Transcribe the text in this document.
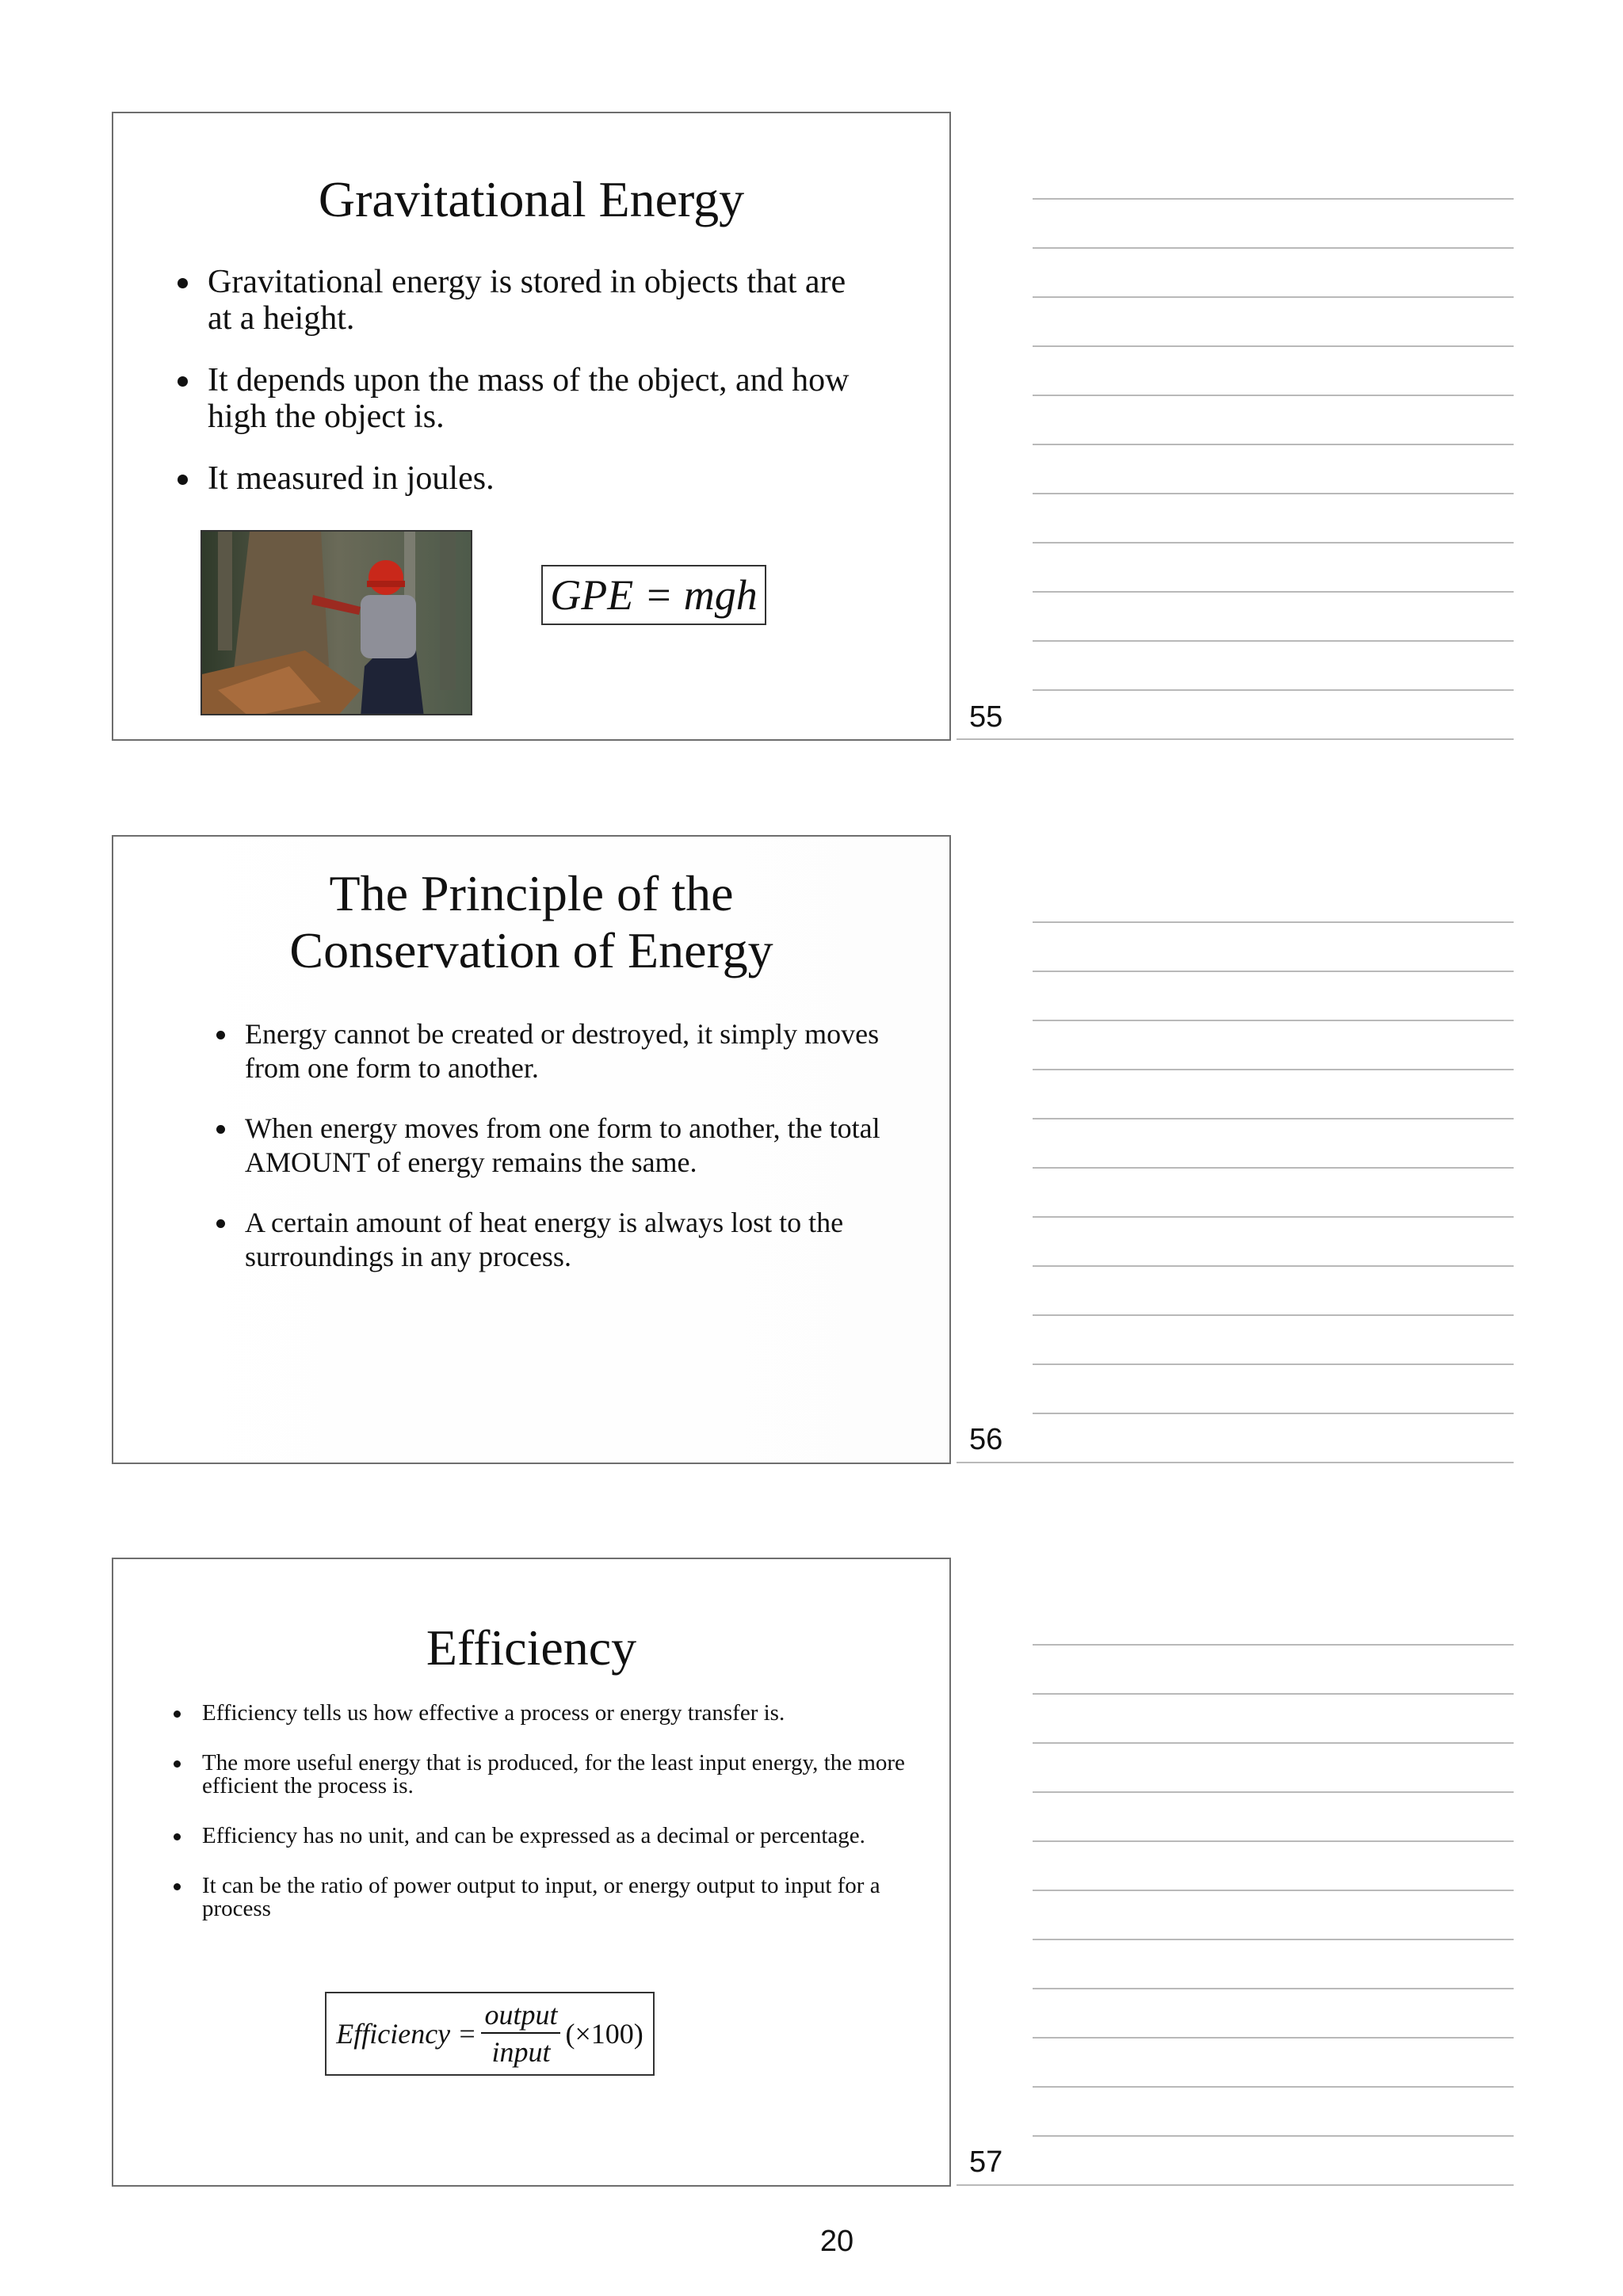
Gravitational Energy
Gravitational energy is stored in objects that are at a height.
It depends upon the mass of the object, and how high the object is.
It measured in joules.
GPE = mgh
55
The Principle of the
Conservation of Energy
Energy cannot be created or destroyed, it simply moves from one form to another.
When energy moves from one form to another, the total AMOUNT of energy remains the same.
A certain amount of heat energy is always lost to the surroundings in any process.
56
Efficiency
Efficiency tells us how effective a process or energy transfer is.
The more useful energy that is produced, for the least input energy, the more efficient the process is.
Efficiency has no unit, and can be expressed as a decimal or percentage.
It can be the ratio of power output to input, or energy output to input for a process
Efficiency = $\frac{\text{output}}{\text{input}} (\times 100)$
57
20
